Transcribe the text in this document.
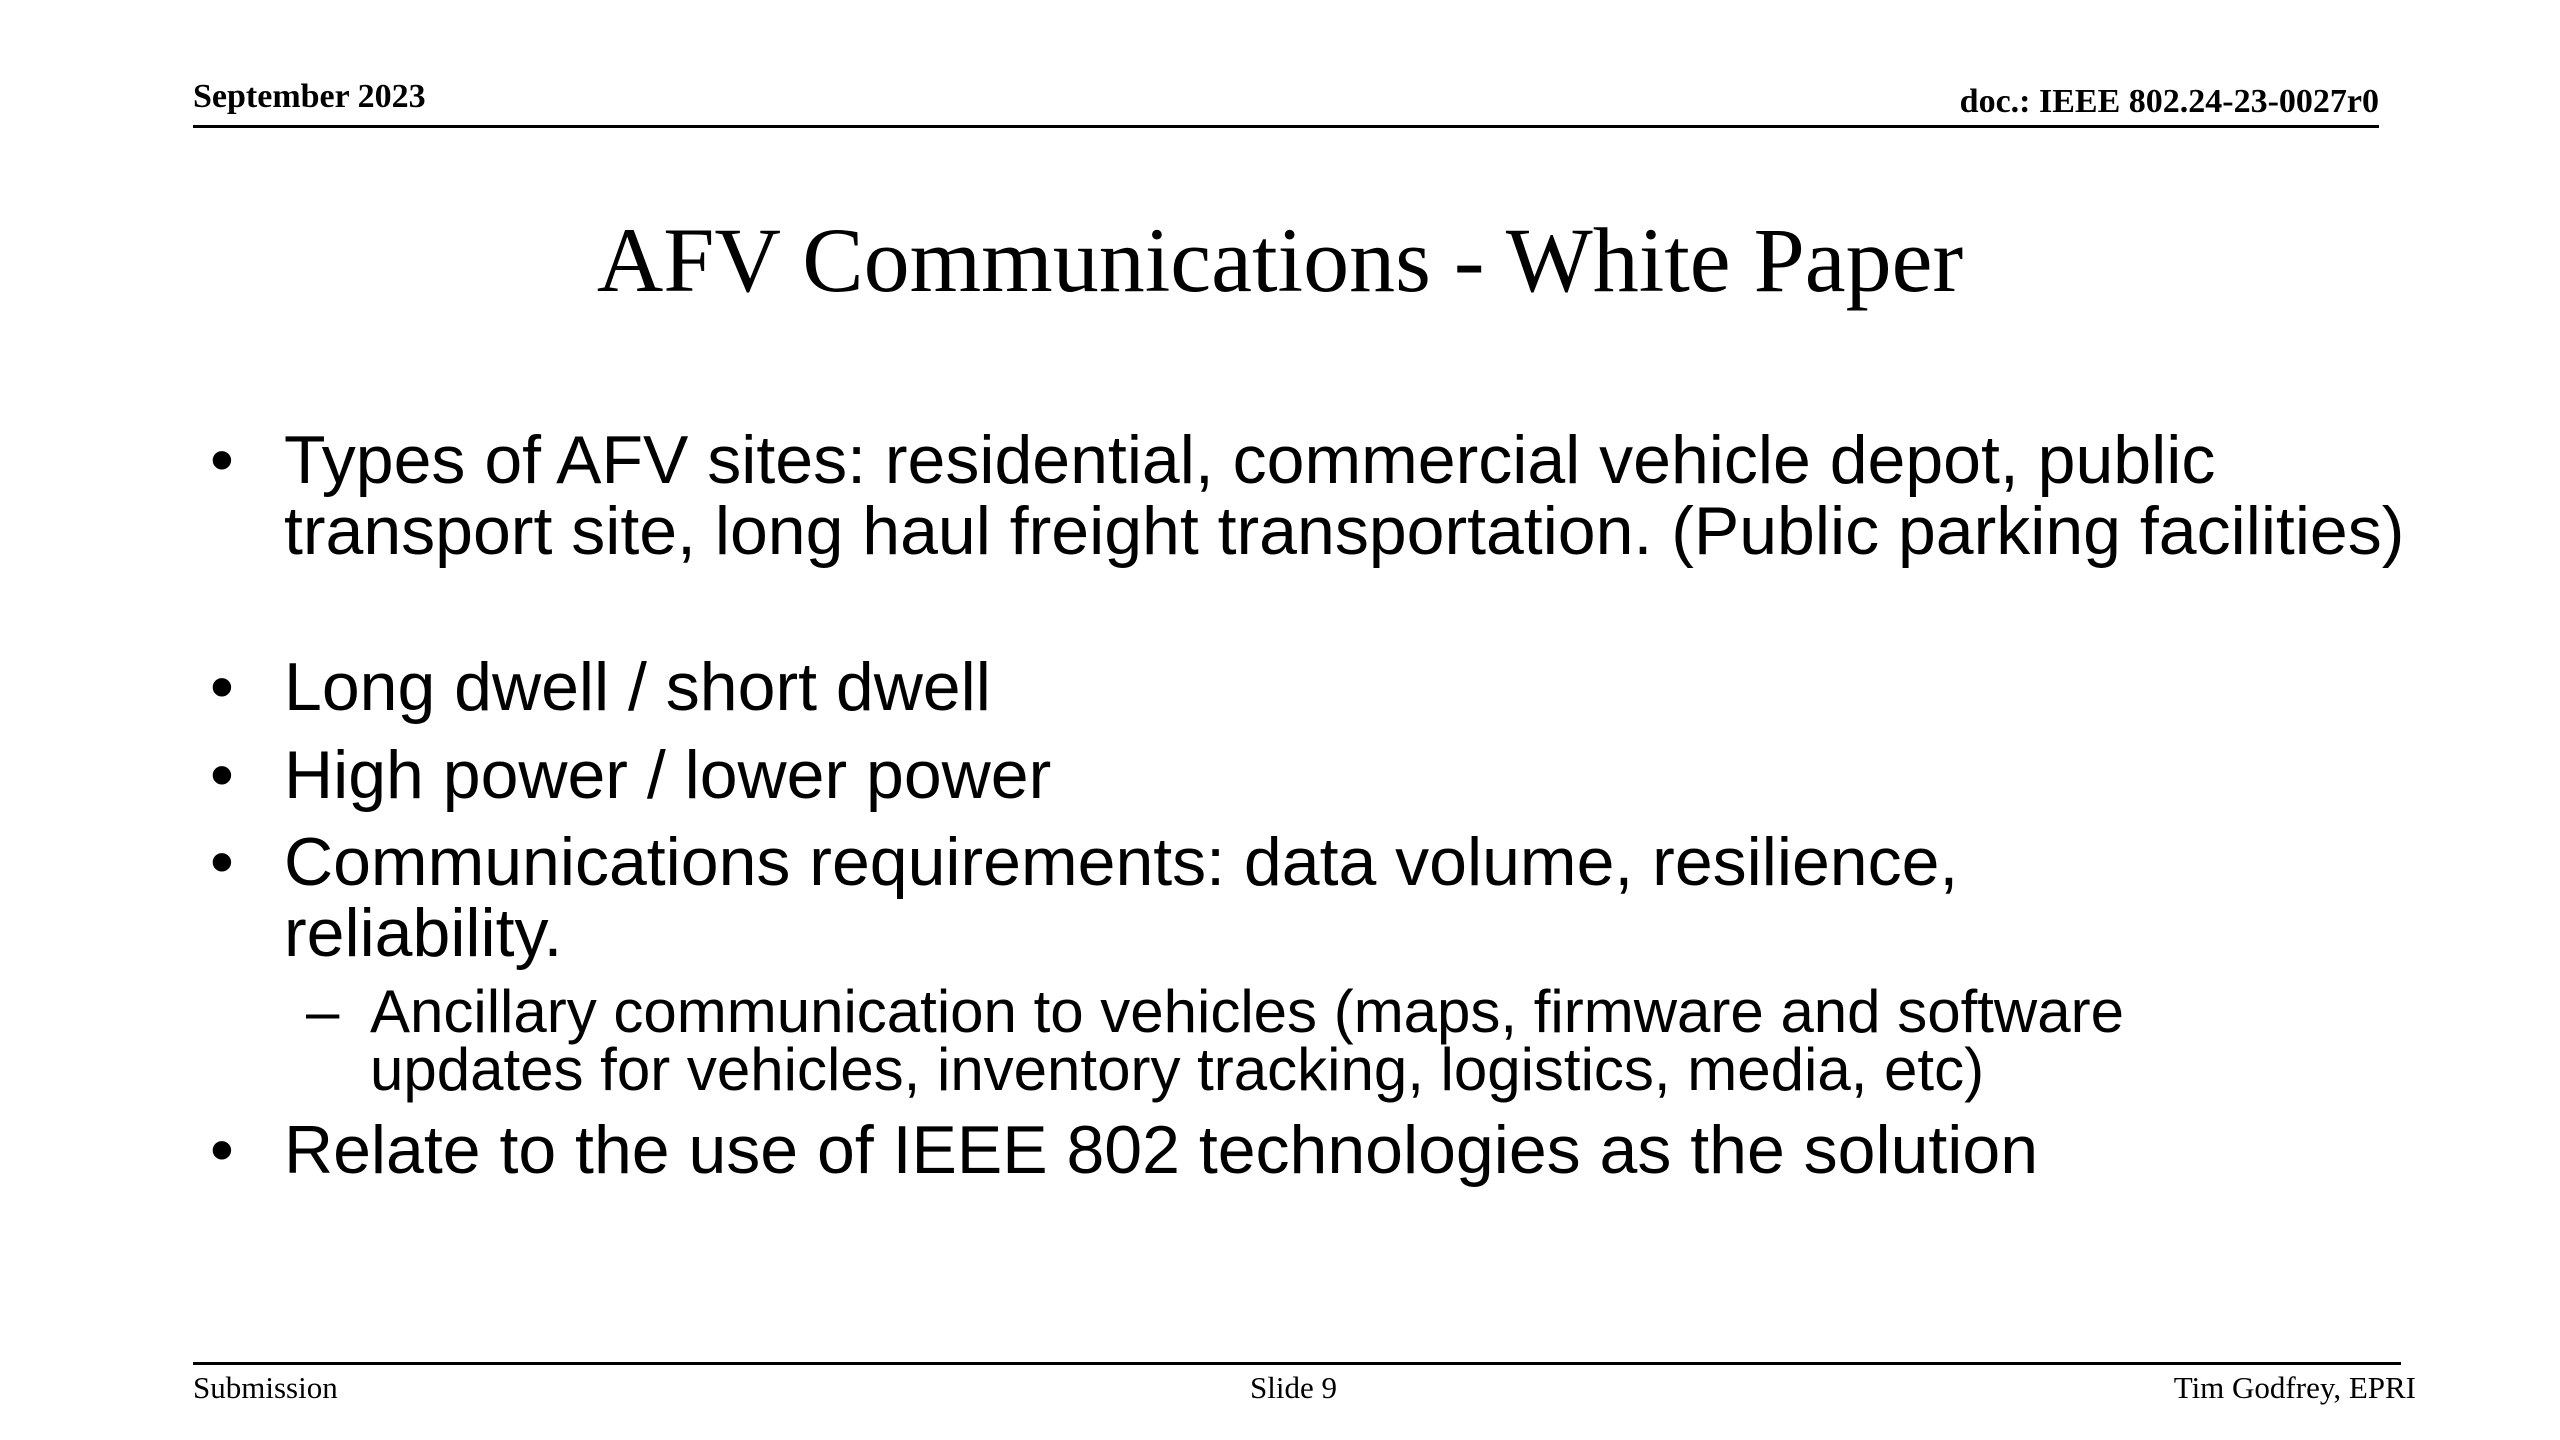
September 2023	doc.: IEEE 802.24-23-0027r0
AFV Communications - White Paper
• Types of AFV sites: residential, commercial vehicle depot, public transport site, long haul freight transportation. (Public parking facilities)
• Long dwell / short dwell
• High power / lower power
• Communications requirements: data volume, resilience, reliability.
– Ancillary communication to vehicles (maps, firmware and software updates for vehicles, inventory tracking, logistics, media, etc)
• Relate to the use of IEEE 802 technologies as the solution
Submission	Slide 9	Tim Godfrey, EPRI
